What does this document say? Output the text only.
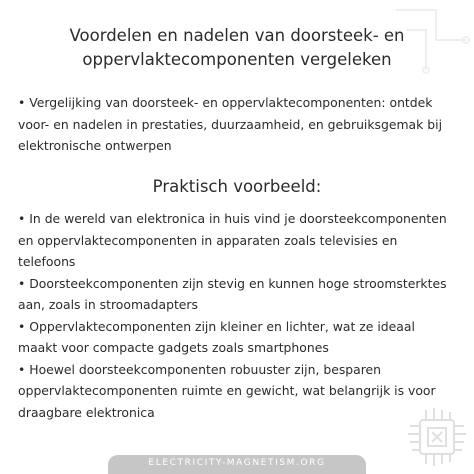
Voordelen en nadelen van doorsteek- en
oppervlaktecomponenten vergeleken

• Vergelijking van doorsteek- en oppervlaktecomponenten: ontdek voor- en nadelen in prestaties, duurzaamheid, en gebruiksgemak bij elektronische ontwerpen

Praktisch voorbeeld:
• In de wereld van elektronica in huis vind je doorsteekcomponenten en oppervlaktecomponenten in apparaten zoals televisies en telefoons
• Doorsteekcomponenten zijn stevig en kunnen hoge stroomsterktes aan, zoals in stroomadapters
• Oppervlaktecomponenten zijn kleiner en lichter, wat ze ideaal maakt voor compacte gadgets zoals smartphones
• Hoewel doorsteekcomponenten robuuster zijn, besparen oppervlaktecomponenten ruimte en gewicht, wat belangrijk is voor draagbare elektronica
ELECTRICITY-MAGNETISM.ORG
